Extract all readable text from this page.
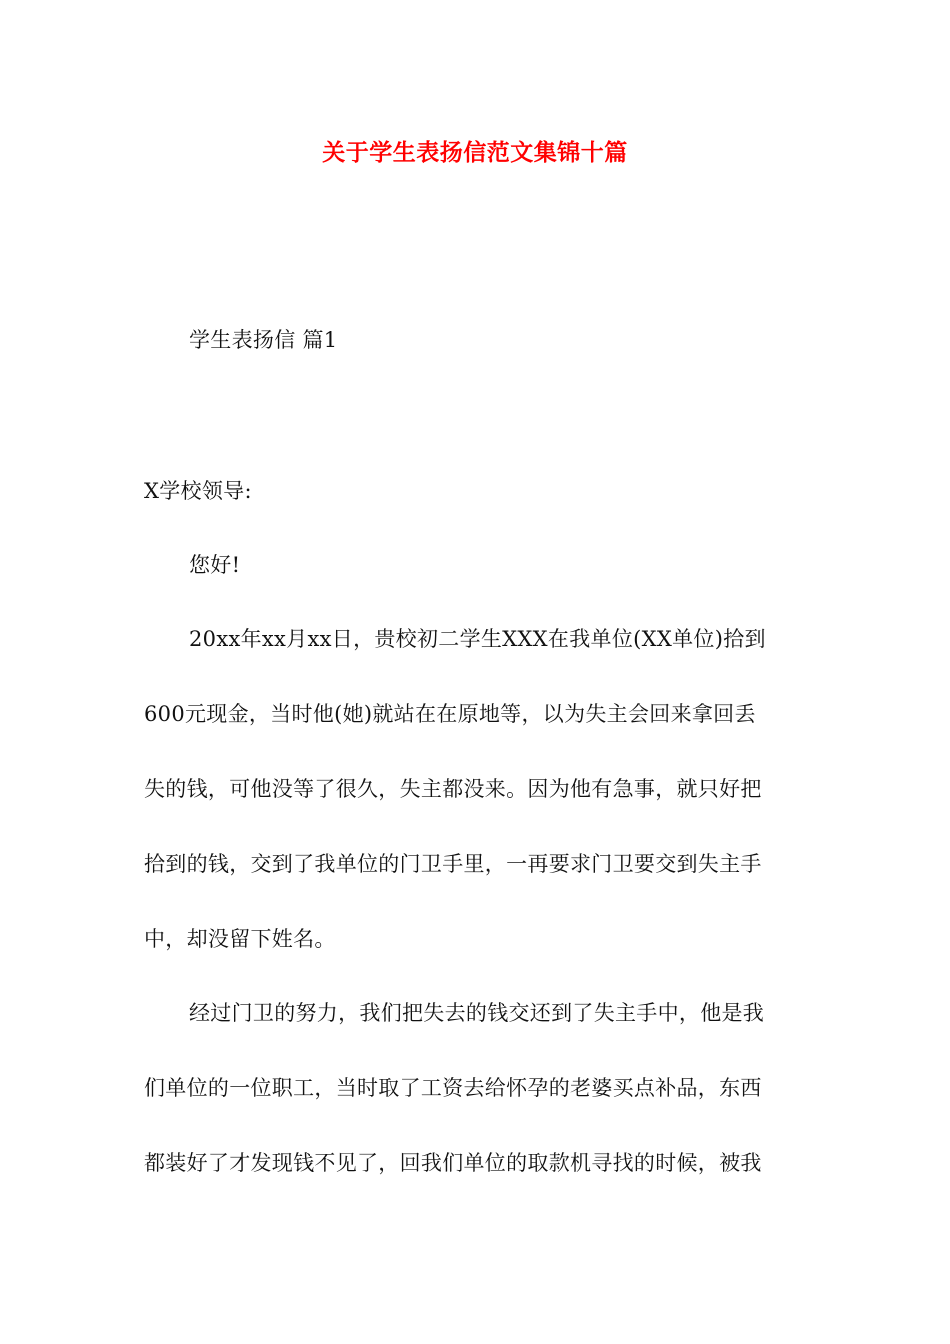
关于学生表扬信范文集锦十篇
学生表扬信 篇1
X学校领导:
您好!
20xx年xx月xx日，贵校初二学生XXX在我单位(XX单位)拾到
600元现金，当时他(她)就站在在原地等，以为失主会回来拿回丢
失的钱，可他没等了很久，失主都没来。因为他有急事，就只好把
拾到的钱，交到了我单位的门卫手里，一再要求门卫要交到失主手
中，却没留下姓名。
经过门卫的努力，我们把失去的钱交还到了失主手中，他是我
们单位的一位职工，当时取了工资去给怀孕的老婆买点补品，东西
都装好了才发现钱不见了，回我们单位的取款机寻找的时候，被我
